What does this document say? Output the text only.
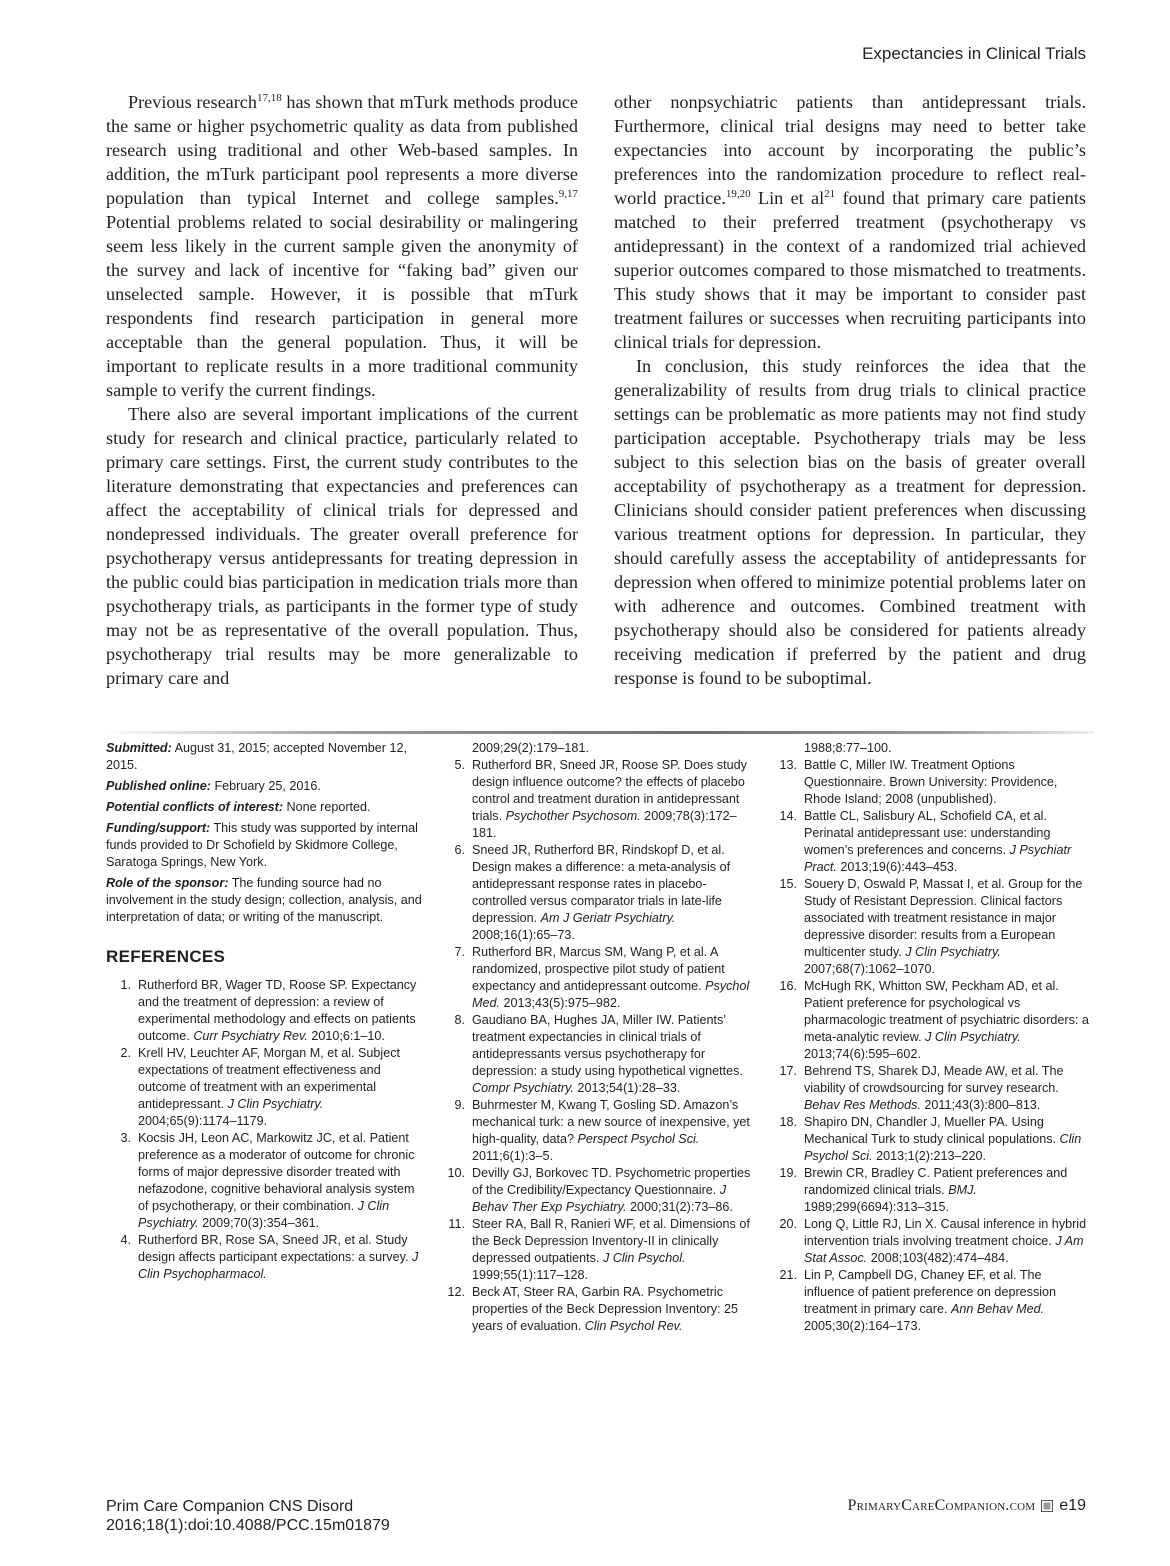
Expectancies in Clinical Trials

Previous research$^{17,18}$ has shown that mTurk methods produce the same or higher psychometric quality as data from published research using traditional and other Web-based samples. In addition, the mTurk participant pool represents a more diverse population than typical Internet and college samples.$^{9,17}$ Potential problems related to social desirability or malingering seem less likely in the current sample given the anonymity of the survey and lack of incentive for “faking bad” given our unselected sample. However, it is possible that mTurk respondents find research participation in general more acceptable than the general population. Thus, it will be important to replicate results in a more traditional community sample to verify the current findings.

There also are several important implications of the current study for research and clinical practice, particularly related to primary care settings. First, the current study contributes to the literature demonstrating that expectancies and preferences can affect the acceptability of clinical trials for depressed and nondepressed individuals. The greater overall preference for psychotherapy versus antidepressants for treating depression in the public could bias participation in medication trials more than psychotherapy trials, as participants in the former type of study may not be as representative of the overall population. Thus, psychotherapy trial results may be more generalizable to primary care and

other nonpsychiatric patients than antidepressant trials. Furthermore, clinical trial designs may need to better take expectancies into account by incorporating the public’s preferences into the randomization procedure to reflect real-world practice.$^{19,20}$ Lin et $al^{21}$ found that primary care patients matched to their preferred treatment (psychotherapy vs antidepressant) in the context of a randomized trial achieved superior outcomes compared to those mismatched to treatments. This study shows that it may be important to consider past treatment failures or successes when recruiting participants into clinical trials for depression.

In conclusion, this study reinforces the idea that the generalizability of results from drug trials to clinical practice settings can be problematic as more patients may not find study participation acceptable. Psychotherapy trials may be less subject to this selection bias on the basis of greater overall acceptability of psychotherapy as a treatment for depression. Clinicians should consider patient preferences when discussing various treatment options for depression. In particular, they should carefully assess the acceptability of antidepressants for depression when offered to minimize potential problems later on with adherence and outcomes. Combined treatment with psychotherapy should also be considered for patients already receiving medication if preferred by the patient and drug response is found to be suboptimal.

Submitted: August 31, 2015; accepted November 12, 2015.

Published online: February 25, 2016.

Potential conflicts of interest: None reported.

Funding/support: This study was supported by internal funds provided to Dr Schofield by Skidmore College, Saratoga Springs, New York.

Role of the sponsor: The funding source had no involvement in the study design; collection, analysis, and interpretation of data; or writing of the manuscript.

REFERENCES
1. Rutherford BR, Wager TD, Roose SP. Expectancy and the treatment of depression: a review of experimental methodology and effects on patients outcome. Curr Psychiatry Rev. 2010;6:1–10.
2. Krell HV, Leuchter AF, Morgan M, et al. Subject expectations of treatment effectiveness and outcome of treatment with an experimental antidepressant. J Clin Psychiatry. 2004;65(9):1174–1179.
3. Kocsis JH, Leon AC, Markowitz JC, et al. Patient preference as a moderator of outcome for chronic forms of major depressive disorder treated with nefazodone, cognitive behavioral analysis system of psychotherapy, or their combination. J Clin Psychiatry. 2009;70(3):354–361.
4. Rutherford BR, Rose SA, Sneed JR, et al. Study design affects participant expectations: a survey. J Clin Psychopharmacol.
2009;29(2):179–181.
5. Rutherford BR, Sneed JR, Roose SP. Does study design influence outcome? the effects of placebo control and treatment duration in antidepressant trials. Psychother Psychosom. 2009;78(3):172–181.
6. Sneed JR, Rutherford BR, Rindskopf D, et al. Design makes a difference: a meta-analysis of antidepressant response rates in placebo-controlled versus comparator trials in late-life depression. Am J Geriatr Psychiatry. 2008;16(1):65–73.
7. Rutherford BR, Marcus SM, Wang P, et al. A randomized, prospective pilot study of patient expectancy and antidepressant outcome. Psychol Med. 2013;43(5):975–982.
8. Gaudiano BA, Hughes JA, Miller IW. Patients’ treatment expectancies in clinical trials of antidepressants versus psychotherapy for depression: a study using hypothetical vignettes. Compr Psychiatry. 2013;54(1):28–33.
9. Buhrmester M, Kwang T, Gosling SD. Amazon’s mechanical turk: a new source of inexpensive, yet high-quality, data? Perspect Psychol Sci. 2011;6(1):3–5.
10. Devilly GJ, Borkovec TD. Psychometric properties of the Credibility/Expectancy Questionnaire. J Behav Ther Exp Psychiatry. 2000;31(2):73–86.
11. Steer RA, Ball R, Ranieri WF, et al. Dimensions of the Beck Depression Inventory-II in clinically depressed outpatients. J Clin Psychol. 1999;55(1):117–128.
12. Beck AT, Steer RA, Garbin RA. Psychometric properties of the Beck Depression Inventory: 25 years of evaluation. Clin Psychol Rev.
1988;8:77–100.
13. Battle C, Miller IW. Treatment Options Questionnaire. Brown University: Providence, Rhode Island; 2008 (unpublished).
14. Battle CL, Salisbury AL, Schofield CA, et al. Perinatal antidepressant use: understanding women’s preferences and concerns. J Psychiatr Pract. 2013;19(6):443–453.
15. Souery D, Oswald P, Massat I, et al. Group for the Study of Resistant Depression. Clinical factors associated with treatment resistance in major depressive disorder: results from a European multicenter study. J Clin Psychiatry. 2007;68(7):1062–1070.
16. McHugh RK, Whitton SW, Peckham AD, et al. Patient preference for psychological vs pharmacologic treatment of psychiatric disorders: a meta-analytic review. J Clin Psychiatry. 2013;74(6):595–602.
17. Behrend TS, Sharek DJ, Meade AW, et al. The viability of crowdsourcing for survey research. Behav Res Methods. 2011;43(3):800–813.
18. Shapiro DN, Chandler J, Mueller PA. Using Mechanical Turk to study clinical populations. Clin Psychol Sci. 2013;1(2):213–220.
19. Brewin CR, Bradley C. Patient preferences and randomized clinical trials. BMJ. 1989;299(6694):313–315.
20. Long Q, Little RJ, Lin X. Causal inference in hybrid intervention trials involving treatment choice. J Am Stat Assoc. 2008;103(482):474–484.
21. Lin P, Campbell DG, Chaney EF, et al. The influence of patient preference on depression treatment in primary care. Ann Behav Med. 2005;30(2):164–173.
Prim Care Companion CNS Disord
2016;18(1):doi:10.4088/PCC.15m01879
PrimaryCareCompanion.com e19
